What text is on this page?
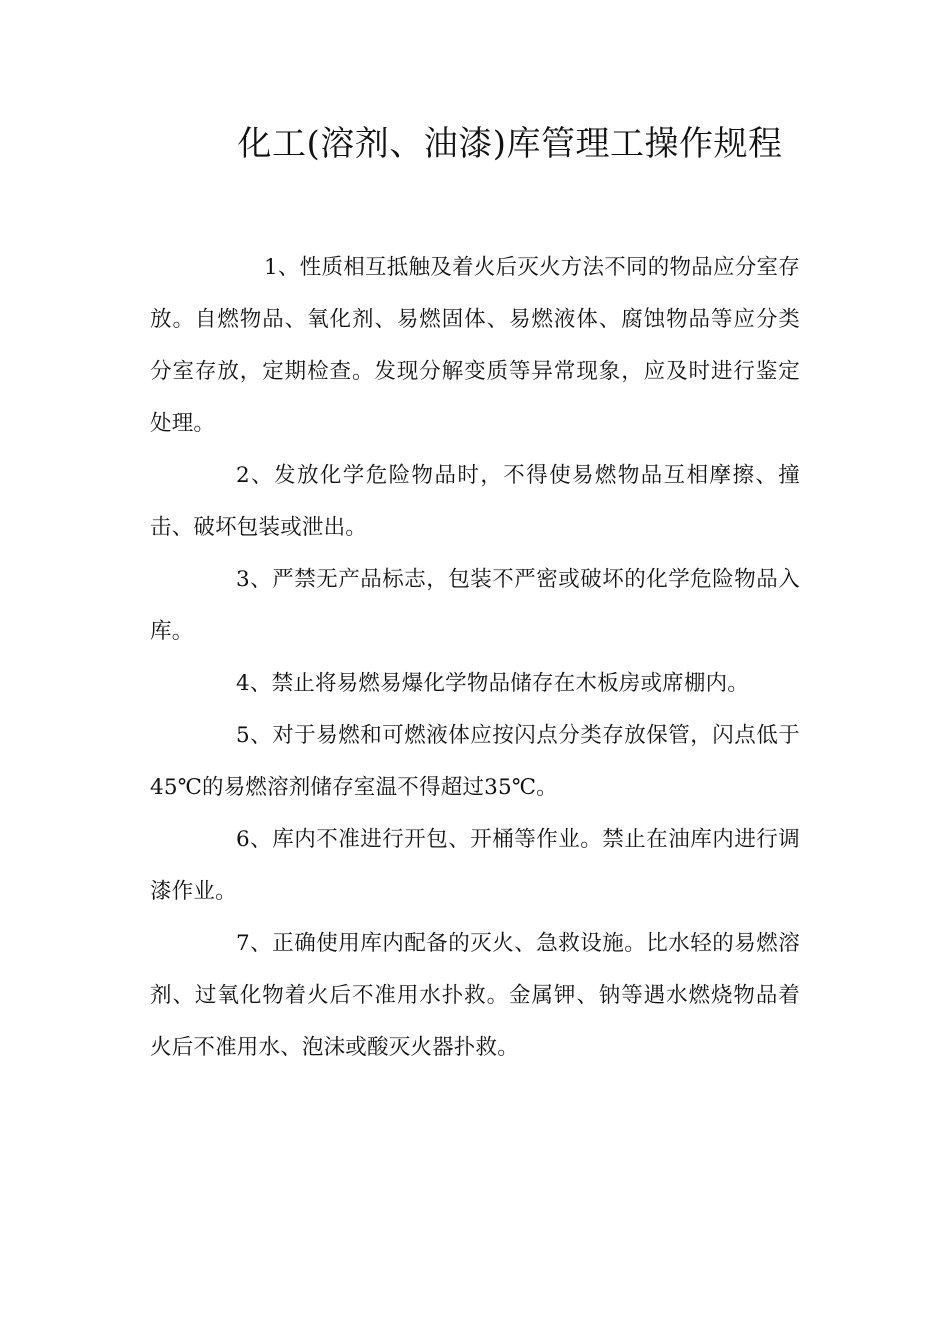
化工(溶剂、油漆)库管理工操作规程

1、性质相互抵触及着火后灭火方法不同的物品应分室存放。自燃物品、氧化剂、易燃固体、易燃液体、腐蚀物品等应分类分室存放，定期检查。发现分解变质等异常现象，应及时进行鉴定处理。

2、发放化学危险物品时，不得使易燃物品互相摩擦、撞击、破坏包装或泄出。

3、严禁无产品标志，包装不严密或破坏的化学危险物品入库。

4、禁止将易燃易爆化学物品储存在木板房或席棚内。

5、对于易燃和可燃液体应按闪点分类存放保管，闪点低于45℃的易燃溶剂储存室温不得超过35℃。

6、库内不准进行开包、开桶等作业。禁止在油库内进行调漆作业。

7、正确使用库内配备的灭火、急救设施。比水轻的易燃溶剂、过氧化物着火后不准用水扑救。金属钾、钠等遇水燃烧物品着火后不准用水、泡沫或酸灭火器扑救。
